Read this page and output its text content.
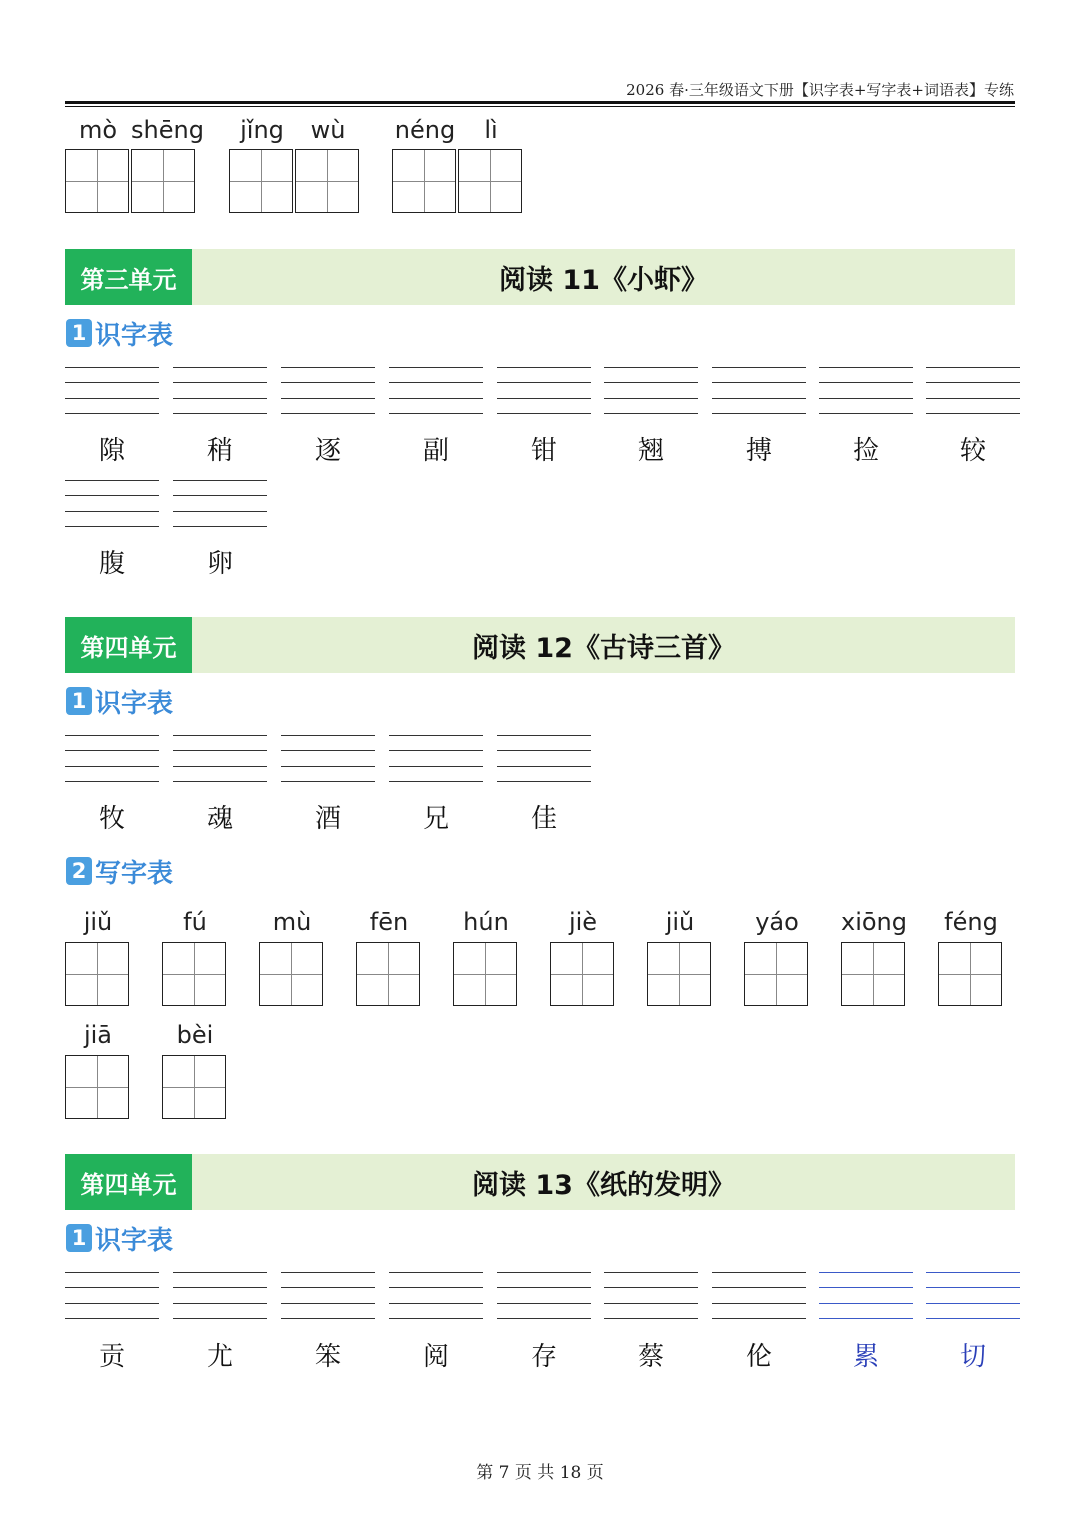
2026 春·三年级语文下册【识字表+写字表+词语表】专练
mò shēng	jǐng	wù	néng	lì
第三单元	阅读 11《小虾》
1 识字表
隙	稍	逐	副	钳	翘	搏	捡	较
腹	卵
第四单元	阅读 12《古诗三首》
1 识字表
牧	魂	酒	兄	佳
2 写字表
jiǔ	fú	mù	fēn	hún	jiè	jiǔ	yáo	xiōng féng
jiā	bèi
第四单元	阅读 13《纸的发明》
1 识字表
贡	尤	笨	阅	存	蔡	伦	累	切
第 7 页 共 18 页
